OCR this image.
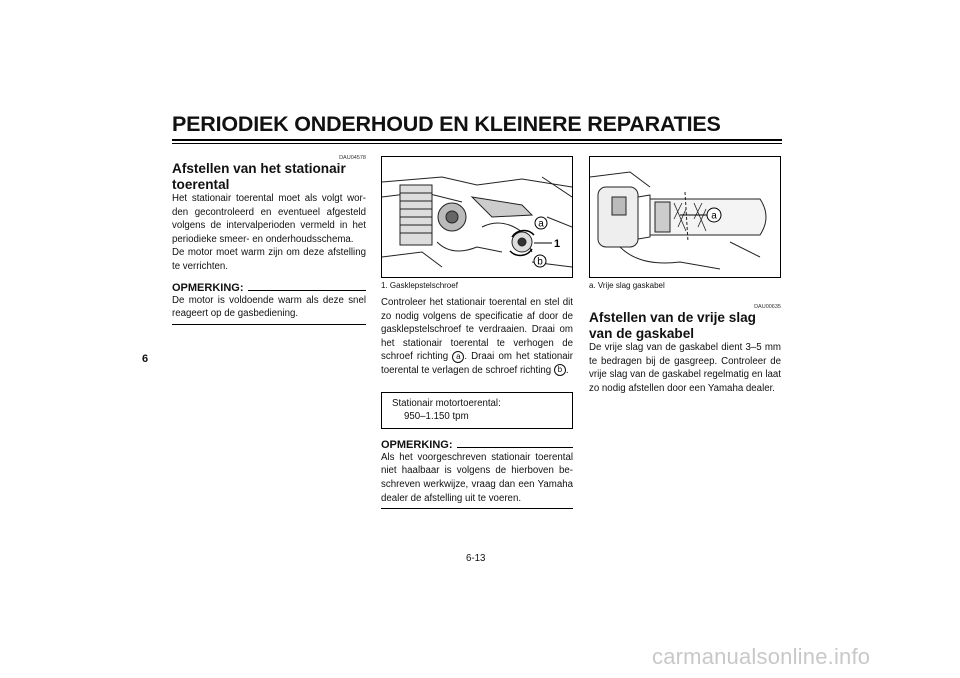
PERIODIEK ONDERHOUD EN KLEINERE REPARATIES
6
DAU04578
Afstellen van het stationair toerental

Het stationair toerental moet als volgt wor-den gecontroleerd en eventueel afgesteld volgens de intervalperioden vermeld in het periodieke smeer- en onderhoudsschema.

De motor moet warm zijn om deze afstelling te verrichten.

OPMERKING:
De motor is voldoende warm als deze snel reageert op de gasbediening.
a
1
b
1. Gasklepstelschroef
Controleer het stationair toerental en stel dit zo nodig volgens de specificatie af door de gasklepstelschroef te verdraaien. Draai om het stationair toerental te verhogen de schroef richting a . Draai om het stationair toerental te verlagen de schroef richting b .
Stationair motortoerental:
950–1.150 tpm
OPMERKING:
Als het voorgeschreven stationair toerental niet haalbaar is volgens de hierboven be-schreven werkwijze, vraag dan een Yamaha dealer de afstelling uit te voeren.
a
a. Vrije slag gaskabel
DAU00635
Afstellen van de vrije slag van de gaskabel

De vrije slag van de gaskabel dient 3–5 mm te bedragen bij de gasgreep. Controleer de vrije slag van de gaskabel regelmatig en laat zo nodig afstellen door een Yamaha dealer.

6-13
carmanualsonline.info
